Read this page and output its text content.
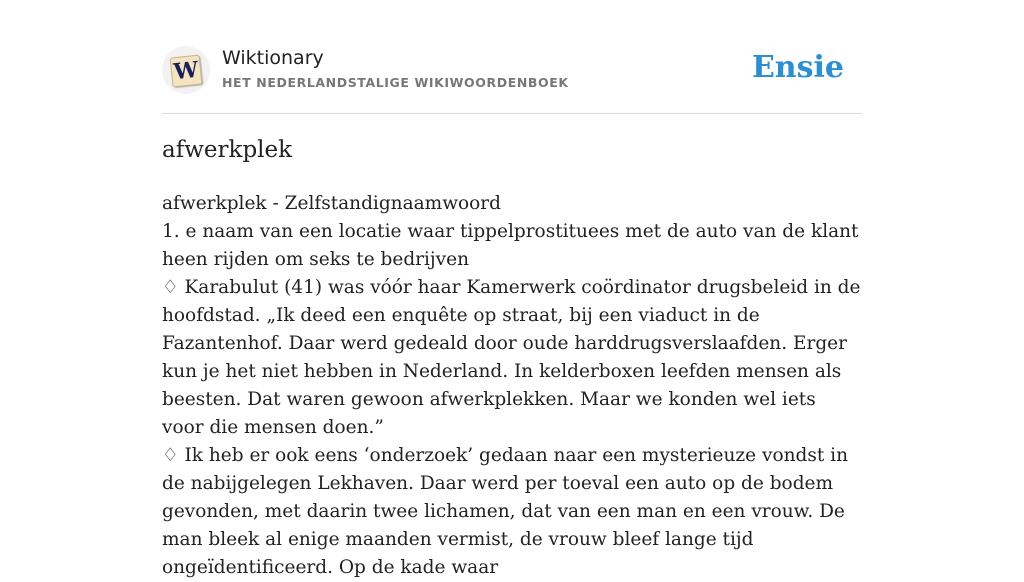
W Wiktionary
HET NEDERLANDSTALIGE WIKIWOORDENBOEK	Ensie
afwerkplek

afwerkplek - Zelfstandignaamwoord

1. e naam van een locatie waar tippelprostituees met de auto van de klant heen rijden om seks te bedrijven

♢ Karabulut (41) was vóór haar Kamerwerk coördinator drugsbeleid in de hoofdstad. „Ik deed een enquête op straat, bij een viaduct in de Fazantenhof. Daar werd gedeald door oude harddrugsverslaafden. Erger kun je het niet hebben in Nederland. In kelderboxen leefden mensen als beesten. Dat waren gewoon afwerkplekken. Maar we konden wel iets voor die mensen doen.”

♢ Ik heb er ook eens ‘onderzoek’ gedaan naar een mysterieuze vondst in de nabijgelegen Lekhaven. Daar werd per toeval een auto op de bodem gevonden, met daarin twee lichamen, dat van een man en een vrouw. De man bleek al enige maanden vermist, de vrouw bleef lange tijd ongeïdentificeerd. Op de kade waar
